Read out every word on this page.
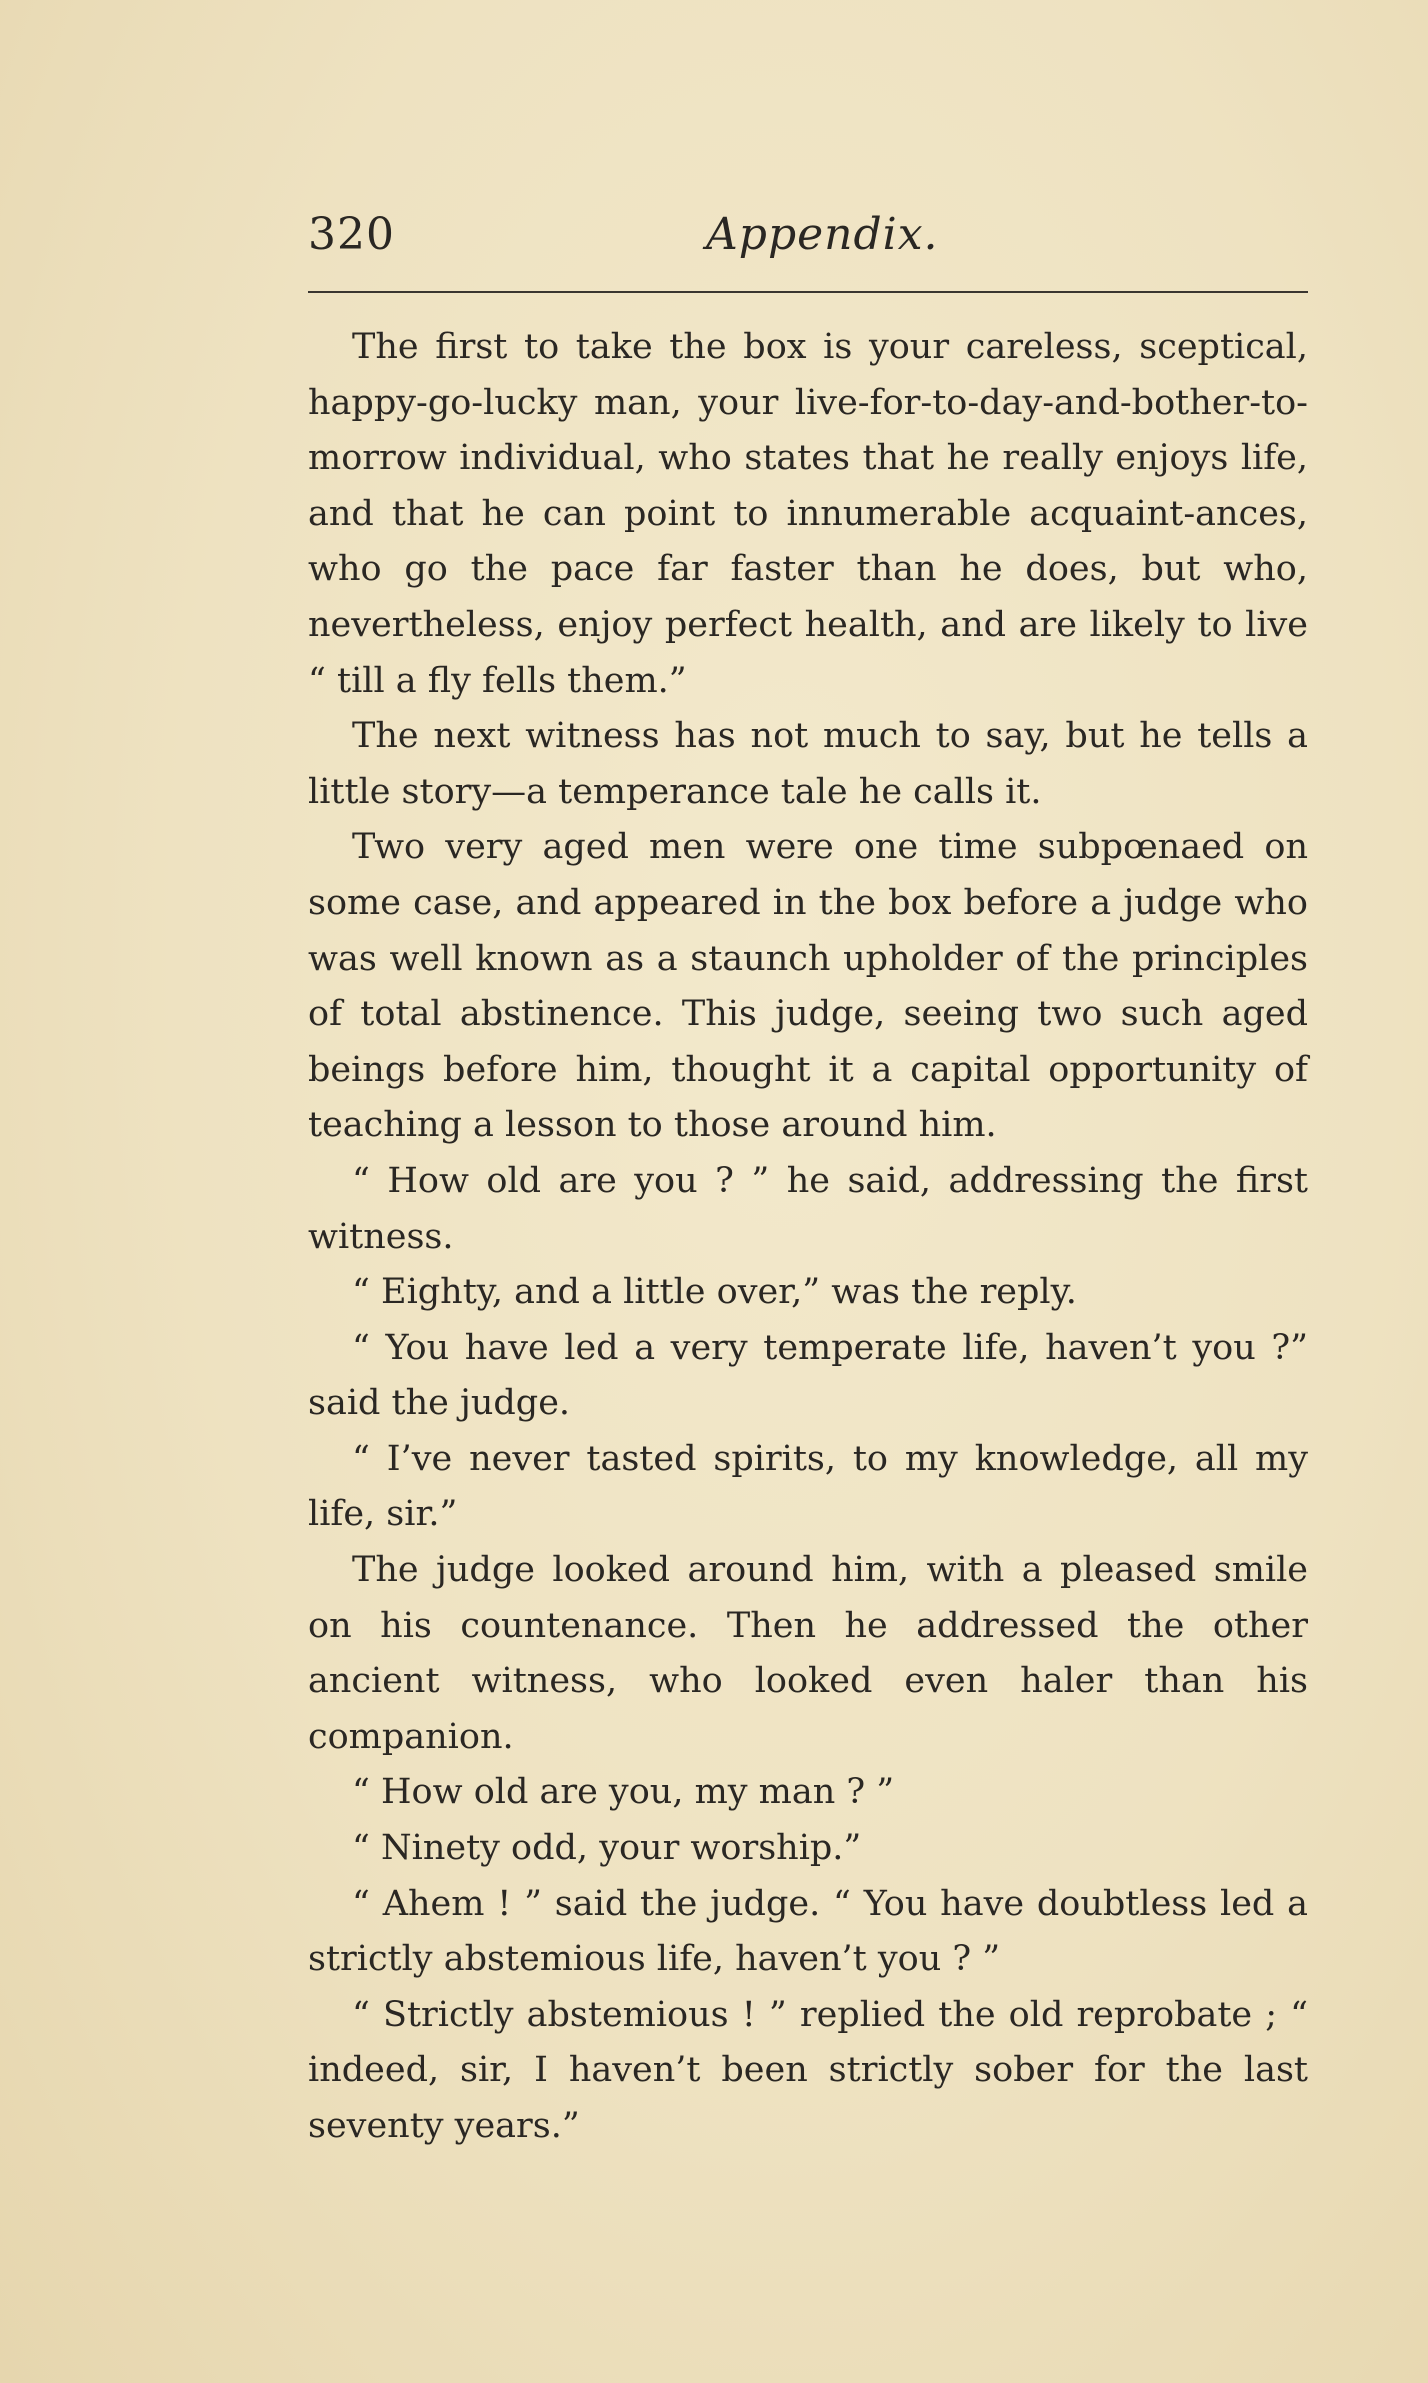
320	Appendix.

The first to take the box is your careless, sceptical, happy-go-lucky man, your live-for-to-day-and-bother-to-morrow individual, who states that he really enjoys life, and that he can point to innumerable acquaint-ances, who go the pace far faster than he does, but who, nevertheless, enjoy perfect health, and are likely to live “ till a fly fells them.”

The next witness has not much to say, but he tells a little story—a temperance tale he calls it.

Two very aged men were one time subpœnaed on some case, and appeared in the box before a judge who was well known as a staunch upholder of the principles of total abstinence. This judge, seeing two such aged beings before him, thought it a capital opportunity of teaching a lesson to those around him.

“ How old are you ? ” he said, addressing the first witness.

“ Eighty, and a little over,” was the reply.

“ You have led a very temperate life, haven’t you ?” said the judge.

“ I’ve never tasted spirits, to my knowledge, all my life, sir.”

The judge looked around him, with a pleased smile on his countenance. Then he addressed the other ancient witness, who looked even haler than his companion.

“ How old are you, my man ? ”

“ Ninety odd, your worship.”

“ Ahem ! ” said the judge. “ You have doubtless led a strictly abstemious life, haven’t you ? ”

“ Strictly abstemious ! ” replied the old reprobate ; “ indeed, sir, I haven’t been strictly sober for the last seventy years.”
